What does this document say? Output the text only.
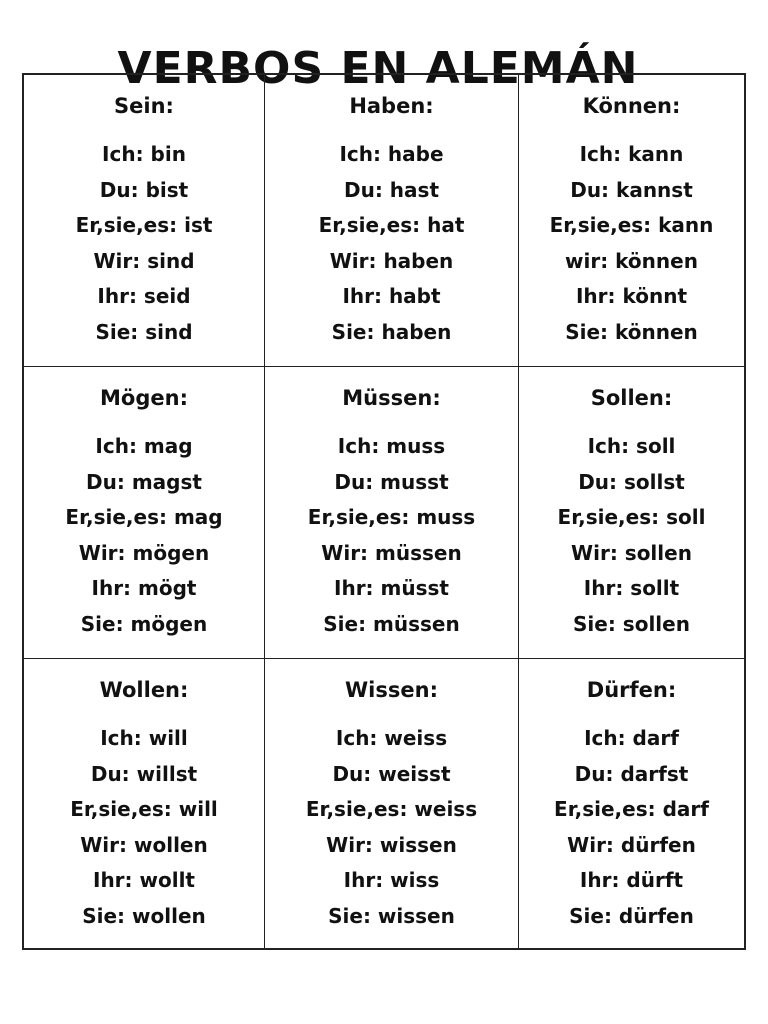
VERBOS EN ALEMÁN
Sein:
Ich: bin
Du: bist
Er,sie,es: ist
Wir: sind
Ihr: seid
Sie: sind
Haben:
Ich: habe
Du: hast
Er,sie,es: hat
Wir: haben
Ihr: habt
Sie: haben
Können:
Ich: kann
Du: kannst
Er,sie,es: kann
wir: können
Ihr: könnt
Sie: können
Mögen:
Ich: mag
Du: magst
Er,sie,es: mag
Wir: mögen
Ihr: mögt
Sie: mögen
Müssen:
Ich: muss
Du: musst
Er,sie,es: muss
Wir: müssen
Ihr: müsst
Sie: müssen
Sollen:
Ich: soll
Du: sollst
Er,sie,es: soll
Wir: sollen
Ihr: sollt
Sie: sollen
Wollen:
Ich: will
Du: willst
Er,sie,es: will
Wir: wollen
Ihr: wollt
Sie: wollen
Wissen:
Ich: weiss
Du: weisst
Er,sie,es: weiss
Wir: wissen
Ihr: wiss
Sie: wissen
Dürfen:
Ich: darf
Du: darfst
Er,sie,es: darf
Wir: dürfen
Ihr: dürft
Sie: dürfen
